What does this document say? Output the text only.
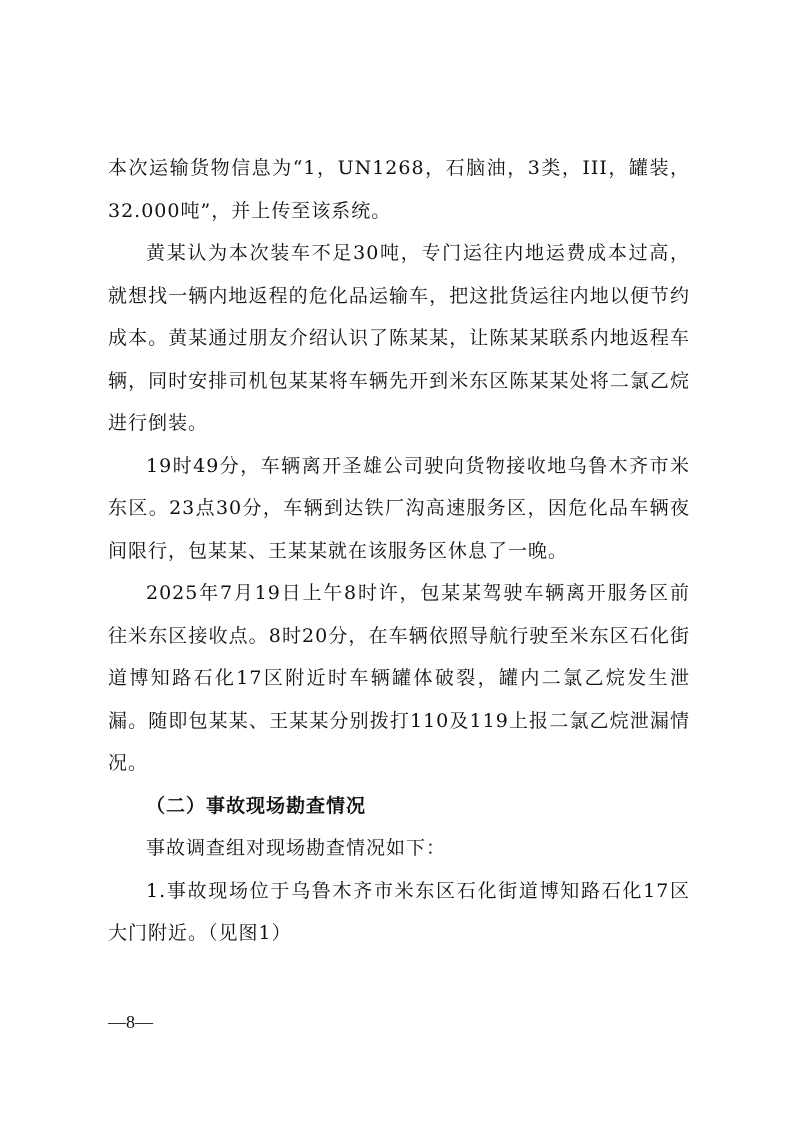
本次运输货物信息为“1，UN1268，石脑油，3类，III，罐装，32.000吨”，并上传至该系统。

黄某认为本次装车不足30吨，专门运往内地运费成本过高，就想找一辆内地返程的危化品运输车，把这批货运往内地以便节约成本。黄某通过朋友介绍认识了陈某某，让陈某某联系内地返程车辆，同时安排司机包某某将车辆先开到米东区陈某某处将二氯乙烷进行倒装。

19时49分，车辆离开圣雄公司驶向货物接收地乌鲁木齐市米东区。23点30分，车辆到达铁厂沟高速服务区，因危化品车辆夜间限行，包某某、王某某就在该服务区休息了一晚。

2025年7月19日上午8时许，包某某驾驶车辆离开服务区前往米东区接收点。8时20分，在车辆依照导航行驶至米东区石化街道博知路石化17区附近时车辆罐体破裂，罐内二氯乙烷发生泄漏。随即包某某、王某某分别拨打110及119上报二氯乙烷泄漏情况。

（二）事故现场勘查情况

事故调查组对现场勘查情况如下：

1.事故现场位于乌鲁木齐市米东区石化街道博知路石化17区大门附近。（见图1）

—8—
